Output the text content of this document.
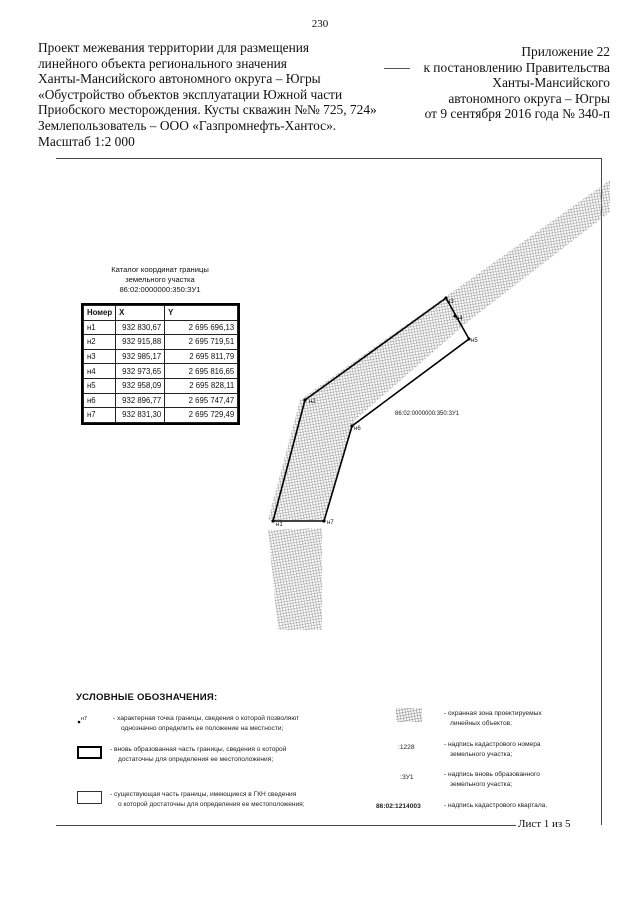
230
Проект межевания территории для размещения
линейного объекта регионального значения
Ханты-Мансийского автономного округа – Югры
«Обустройство объектов эксплуатации Южной части
Приобского месторождения. Кусты скважин №№ 725, 724»
Землепользователь – ООО «Газпромнефть-Хантос».
Масштаб 1:2 000
Приложение 22
к постановлению Правительства
Ханты-Мансийского
автономного округа – Югры
от 9 сентября 2016 года № 340-п
Лист 1 из 5
н1
н2
н3
н4
н5
н6
н7
86:02:0000000:350:ЗУ1
Каталог координат границы
земельного участка
86:02:0000000:350:ЗУ1
Номер	X	Y
н1	932 830,67	2 695 696,13
н2	932 915,88	2 695 719,51
н3	932 985,17	2 695 811,79
н4	932 973,65	2 695 816,65
н5	932 958,09	2 695 828,11
н6	932 896,77	2 695 747,47
н7	932 831,30	2 695 729,49
УСЛОВНЫЕ ОБОЗНАЧЕНИЯ:
н7	- характерная точка границы, сведения о которой позволяют
однозначно определить ее положение на местности;
- вновь образованная часть границы, сведения о которой
достаточны для определения ее местоположения;
- существующая часть границы, имеющиеся в ГКН сведения
о которой достаточны для определения ее местоположения;
- охранная зона проектируемых
линейных объектов;
:1228	- надпись кадастрового номера
земельного участка;
:ЗУ1	- надпись вновь образованного
земельного участка;
86:02:1214003	- надпись кадастрового квартала.
